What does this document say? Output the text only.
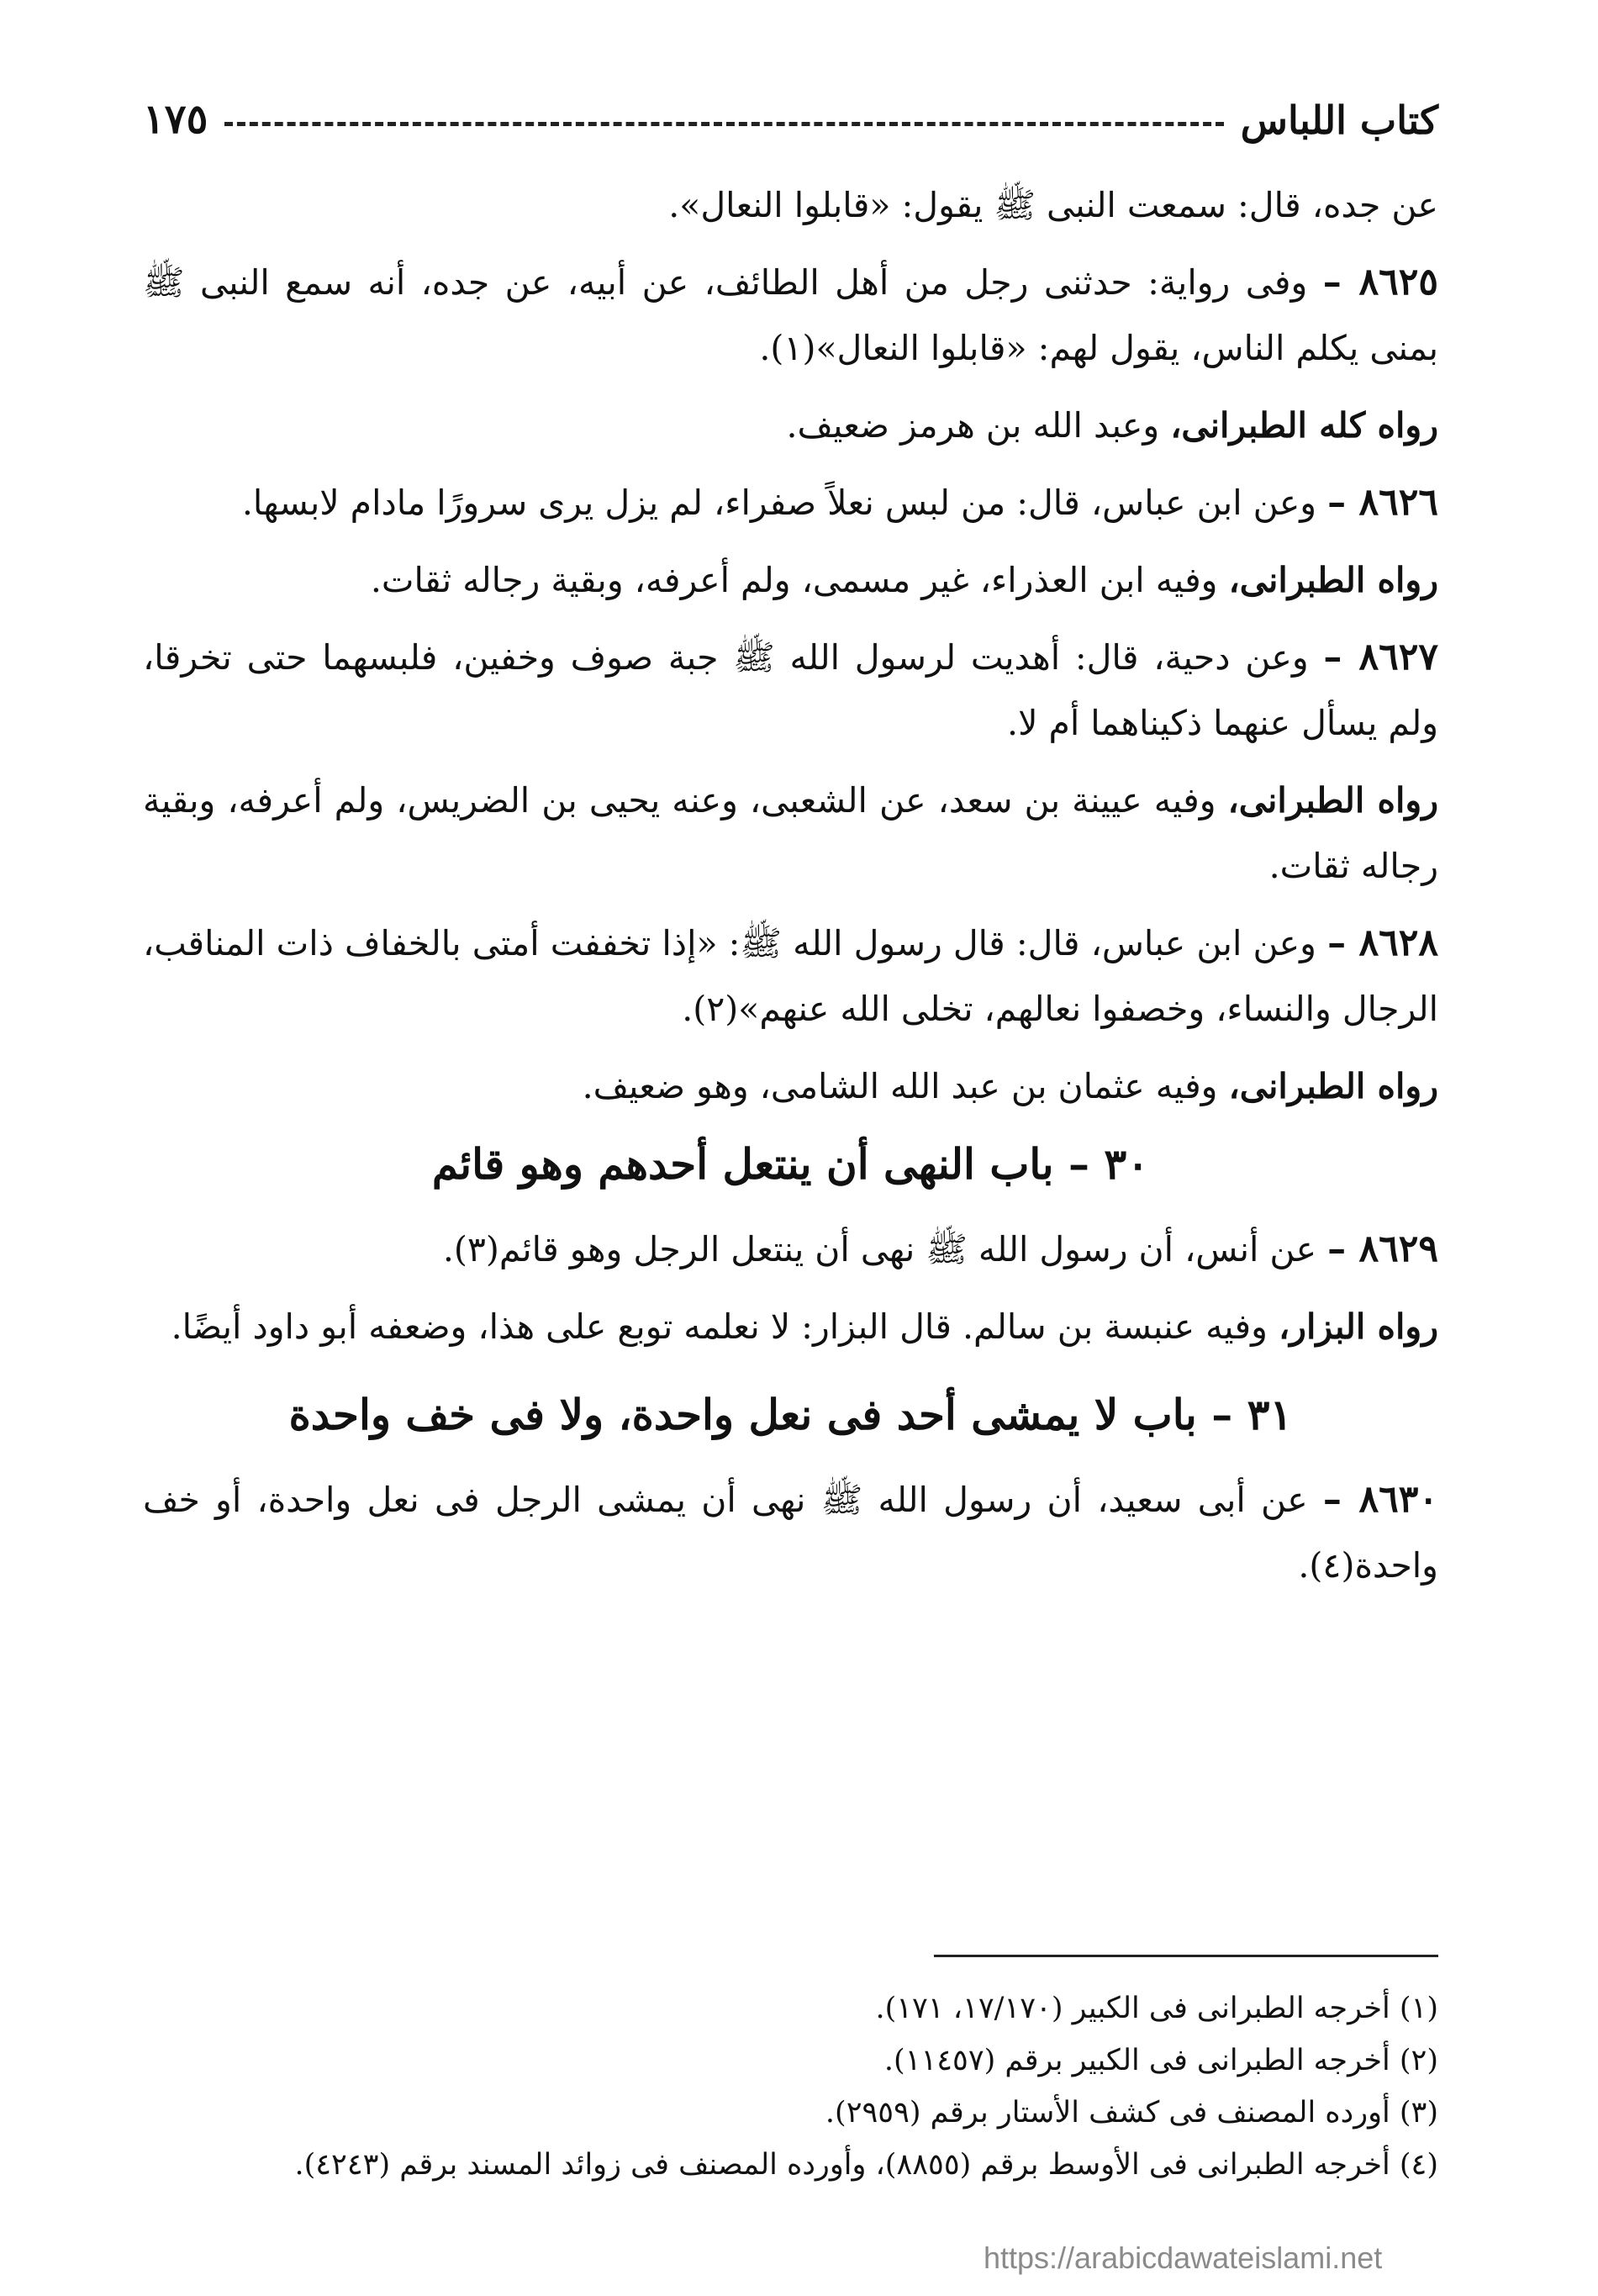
كتاب اللباس
١٧٥

عن جده، قال: سمعت النبى ﷺ يقول: «قابلوا النعال».

٨٦٢٥ – وفى رواية: حدثنى رجل من أهل الطائف، عن أبيه، عن جده، أنه سمع النبى ﷺ بمنى يكلم الناس، يقول لهم: «قابلوا النعال»(١).

رواه كله الطبرانى، وعبد الله بن هرمز ضعيف.

٨٦٢٦ – وعن ابن عباس، قال: من لبس نعلاً صفراء، لم يزل يرى سرورًا مادام لابسها.

رواه الطبرانى، وفيه ابن العذراء، غير مسمى، ولم أعرفه، وبقية رجاله ثقات.

٨٦٢٧ – وعن دحية، قال: أهديت لرسول الله ﷺ جبة صوف وخفين، فلبسهما حتى تخرقا، ولم يسأل عنهما ذكيناهما أم لا.

رواه الطبرانى، وفيه عيينة بن سعد، عن الشعبى، وعنه يحيى بن الضريس، ولم أعرفه، وبقية رجاله ثقات.

٨٦٢٨ – وعن ابن عباس، قال: قال رسول الله ﷺ: «إذا تخففت أمتى بالخفاف ذات المناقب، الرجال والنساء، وخصفوا نعالهم، تخلى الله عنهم»(٢).

رواه الطبرانى، وفيه عثمان بن عبد الله الشامى، وهو ضعيف.

٣٠ – باب النهى أن ينتعل أحدهم وهو قائم

٨٦٢٩ – عن أنس، أن رسول الله ﷺ نهى أن ينتعل الرجل وهو قائم(٣).

رواه البزار، وفيه عنبسة بن سالم. قال البزار: لا نعلمه توبع على هذا، وضعفه أبو داود أيضًا.

٣١ – باب لا يمشى أحد فى نعل واحدة، ولا فى خف واحدة

٨٦٣٠ – عن أبى سعيد، أن رسول الله ﷺ نهى أن يمشى الرجل فى نعل واحدة، أو خف واحدة(٤).

(١) أخرجه الطبرانى فى الكبير (١٧/١٧٠، ١٧١).
(٢) أخرجه الطبرانى فى الكبير برقم (١١٤٥٧).
(٣) أورده المصنف فى كشف الأستار برقم (٢٩٥٩).
(٤) أخرجه الطبرانى فى الأوسط برقم (٨٨٥٥)، وأورده المصنف فى زوائد المسند برقم (٤٢٤٣).
https://arabicdawateislami.net
